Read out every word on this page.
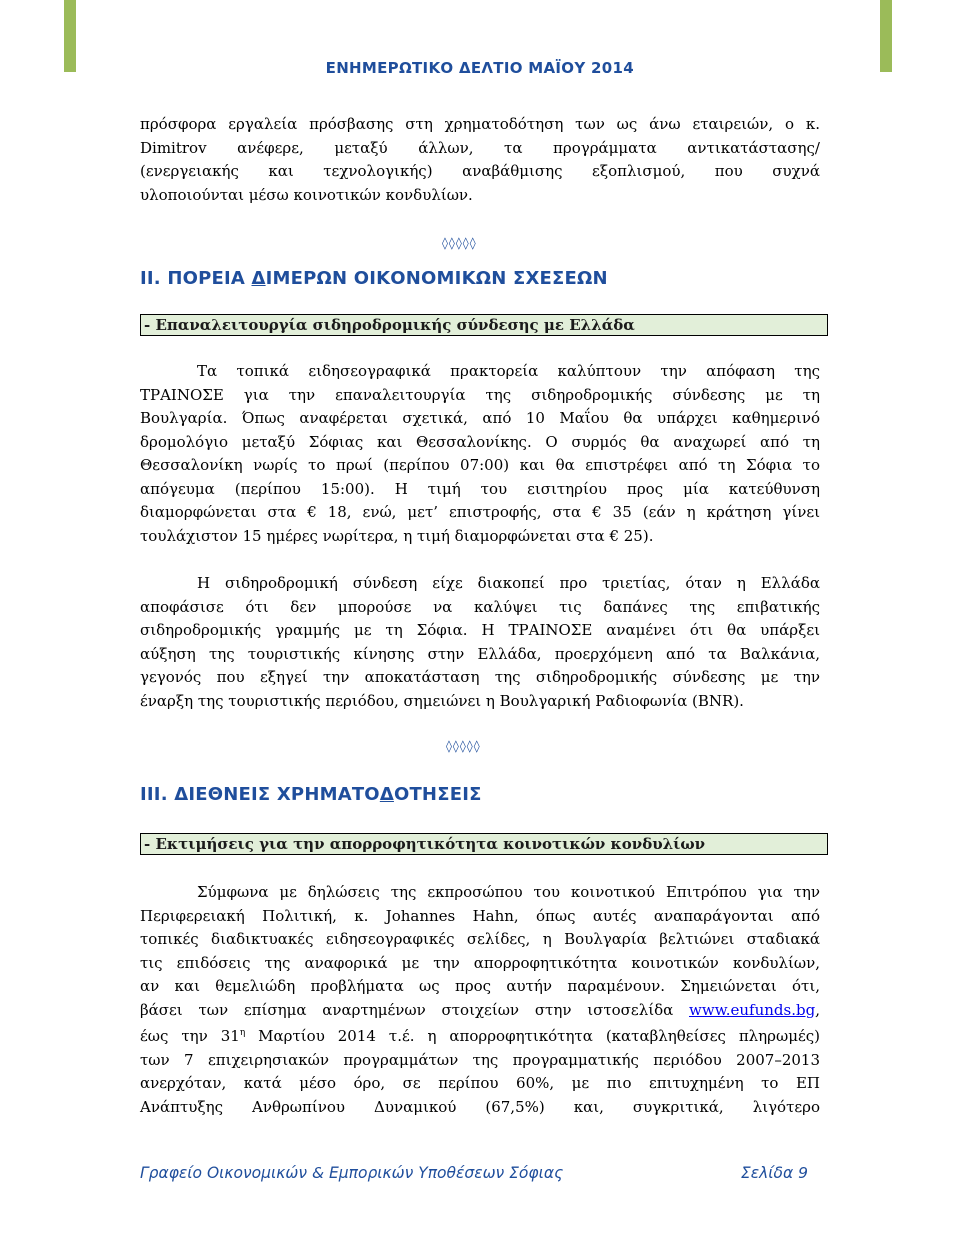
ΕΝΗΜΕΡΩΤΙΚΟ ΔΕΛΤΙΟ ΜΑΪΟΥ 2014

πρόσφορα εργαλεία πρόσβασης στη χρηματοδότηση των ως άνω εταιρειών, ο κ.

Dimitrov ανέφερε, μεταξύ άλλων, τα προγράμματα αντικατάστασης/

(ενεργειακής και τεχνολογικής) αναβάθμισης εξοπλισμού, που συχνά

υλοποιούνται μέσω κοινοτικών κονδυλίων.

◊◊◊◊◊
II. ΠΟΡΕΙΑ ΔΙΜΕΡΩΝ ΟΙΚΟΝΟΜΙΚΩΝ ΣΧΕΣΕΩΝ
- Επαναλειτουργία σιδηροδρομικής σύνδεσης με Ελλάδα

Τα τοπικά ειδησεογραφικά πρακτορεία καλύπτουν την απόφαση της

ΤΡΑΙΝΟΣΕ για την επαναλειτουργία της σιδηροδρομικής σύνδεσης με τη

Βουλγαρία. Όπως αναφέρεται σχετικά, από 10 Μαΐου θα υπάρχει καθημερινό

δρομολόγιο μεταξύ Σόφιας και Θεσσαλονίκης. Ο συρμός θα αναχωρεί από τη

Θεσσαλονίκη νωρίς το πρωί (περίπου 07:00) και θα επιστρέφει από τη Σόφια το

απόγευμα (περίπου 15:00). Η τιμή του εισιτηρίου προς μία κατεύθυνση

διαμορφώνεται στα € 18, ενώ, μετ’ επιστροφής, στα € 35 (εάν η κράτηση γίνει

τουλάχιστον 15 ημέρες νωρίτερα, η τιμή διαμορφώνεται στα € 25).

Η σιδηροδρομική σύνδεση είχε διακοπεί προ τριετίας, όταν η Ελλάδα

αποφάσισε ότι δεν μπορούσε να καλύψει τις δαπάνες της επιβατικής

σιδηροδρομικής γραμμής με τη Σόφια. Η ΤΡΑΙΝΟΣΕ αναμένει ότι θα υπάρξει

αύξηση της τουριστικής κίνησης στην Ελλάδα, προερχόμενη από τα Βαλκάνια,

γεγονός που εξηγεί την αποκατάσταση της σιδηροδρομικής σύνδεσης με την

έναρξη της τουριστικής περιόδου, σημειώνει η Βουλγαρική Ραδιοφωνία (BNR).

◊◊◊◊◊
III. ΔΙΕΘΝΕΙΣ ΧΡΗΜΑΤΟΔΟΤΗΣΕΙΣ
- Εκτιμήσεις για την απορροφητικότητα κοινοτικών κονδυλίων

Σύμφωνα με δηλώσεις της εκπροσώπου του κοινοτικού Επιτρόπου για την

Περιφερειακή Πολιτική, κ. Johannes Hahn, όπως αυτές αναπαράγονται από

τοπικές διαδικτυακές ειδησεογραφικές σελίδες, η Βουλγαρία βελτιώνει σταδιακά

τις επιδόσεις της αναφορικά με την απορροφητικότητα κοινοτικών κονδυλίων,

αν και θεμελιώδη προβλήματα ως προς αυτήν παραμένουν. Σημειώνεται ότι,

βάσει των επίσημα αναρτημένων στοιχείων στην ιστοσελίδα www.eufunds.bg,

έως την $31^\eta$ Μαρτίου 2014 τ.έ. η απορροφητικότητα (καταβληθείσες πληρωμές)

των 7 επιχειρησιακών προγραμμάτων της προγραμματικής περιόδου 2007–2013

ανερχόταν, κατά μέσο όρο, σε περίπου 60%, με πιο επιτυχημένη το ΕΠ

Ανάπτυξης Ανθρωπίνου Δυναμικού (67,5%) και, συγκριτικά, λιγότερο

Γραφείο Οικονομικών & Εμπορικών Υποθέσεων Σόφιας	Σελίδα 9
